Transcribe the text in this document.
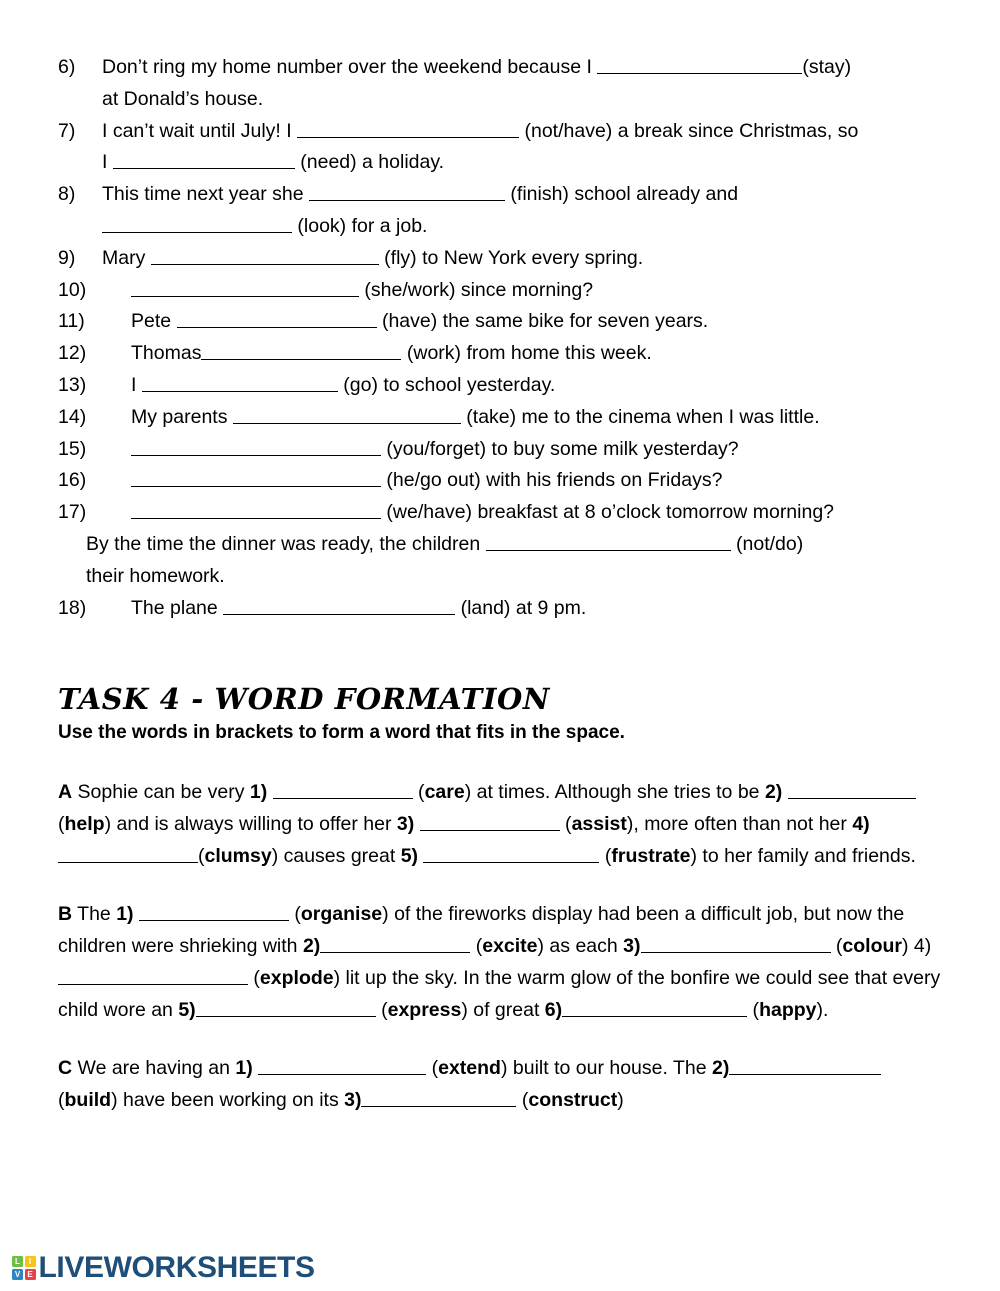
6)	Don’t ring my home number over the weekend because I	(stay)
at Donald’s house.
7)	I can’t wait until July! I	(not/have) a break since Christmas, so
I	(need) a holiday.
8)	This time next year she	(finish) school already and
(look) for a job.
9)	Mary	(fly) to New York every spring.
10)	(she/work) since morning?
11)	Pete	(have) the same bike for seven years.
12)	Thomas	(work) from home this week.
13)	I	(go) to school yesterday.
14)	My parents	(take) me to the cinema when I was little.
15)	(you/forget) to buy some milk yesterday?
16)	(he/go out) with his friends on Fridays?
17)	(we/have) breakfast at 8 o’clock tomorrow morning?
By the time the dinner was ready, the children	(not/do)
their homework.
18)	The plane	(land) at 9 pm.
TASK 4 - WORD FORMATION
Use the words in brackets to form a word that fits in the space.

A Sophie can be very 1)	(care) at times. Although she tries to be 2)  (help) and is always willing to offer her 3)	(assist), more often than not her 4)(clumsy) causes great 5)	(frustrate) to her family and friends.

B The 1)	(organise) of the fireworks display had been a difficult job, but now the children were shrieking with 2)	(excite) as each 3)	(colour) 4)  (explode) lit up the sky. In the warm glow of the bonfire we could see that every child wore an 5)	(express) of great 6)	(happy).

C We are having an 1)	(extend) built to our house. The 2) (build) have been working on its 3)	(construct)

L	I
V E LIVEWORKSHEETS
